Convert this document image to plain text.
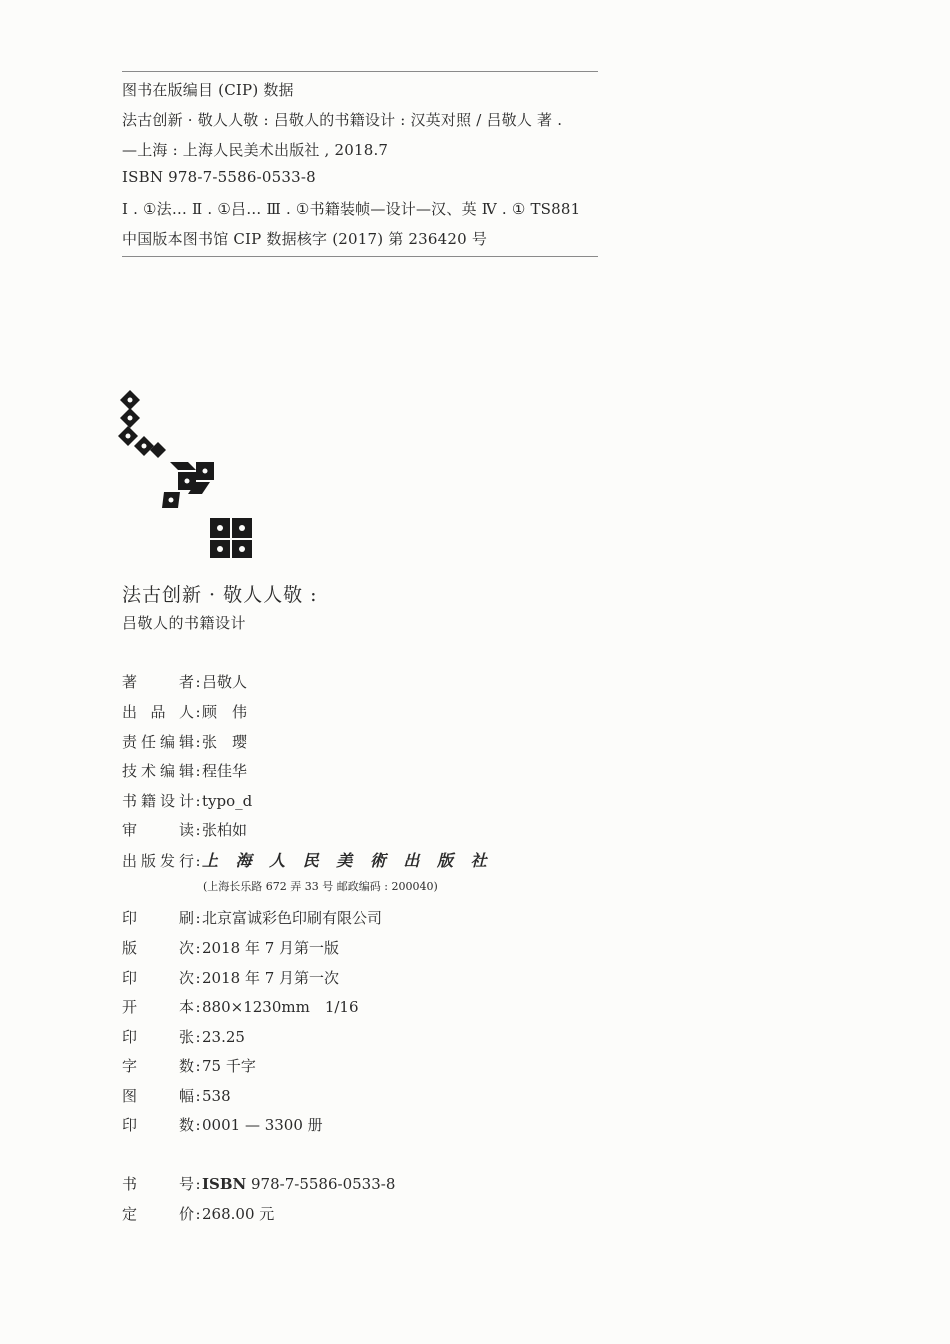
图书在版编目 (CIP) 数据
法古创新 · 敬人人敬 : 吕敬人的书籍设计 : 汉英对照 / 吕敬人 著 .
—上海 : 上海人民美术出版社 , 2018.7
ISBN 978-7-5586-0533-8
Ⅰ . ①法… Ⅱ . ①吕… Ⅲ . ①书籍装帧—设计—汉、英 Ⅳ . ① TS881
中国版本图书馆 CIP 数据核字 (2017) 第 236420 号
法古创新 · 敬人人敬 :
吕敬人的书籍设计
著者:吕敬人
出品人:顾　伟
责任编辑:张　璎
技术编辑:程佳华
书籍设计:typo_d
审读:张柏如
出版发行:上 海 人 民 美 術 出 版 社
(上海长乐路 672 弄 33 号 邮政编码 : 200040)
印刷:北京富诚彩色印刷有限公司
版次:2018 年 7 月第一版
印次:2018 年 7 月第一次
开本:880×1230mm　1/16
印张:23.25
字数:75 千字
图幅:538
印数:0001 — 3300 册
书号:ISBN 978-7-5586-0533-8
定价:268.00 元
